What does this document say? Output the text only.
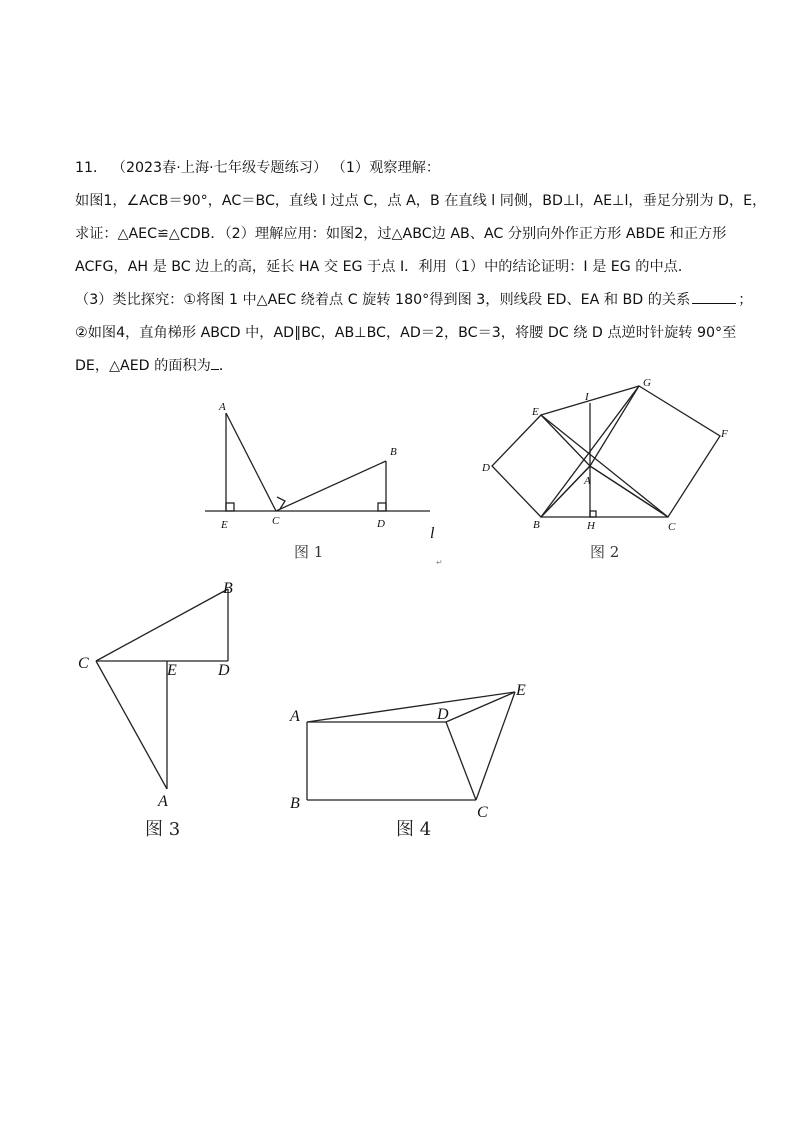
11． （2023春·上海·七年级专题练习） （1）观察理解：
如图1，∠ACB＝90°，AC＝BC，直线 l 过点 C，点 A，B 在直线 l 同侧，BD⊥l，AE⊥l，垂足分别为 D，E，
求证：△AEC≌△CDB．（2）理解应用：如图2，过△ABC边 AB、AC 分别向外作正方形 ABDE 和正方形
ACFG，AH 是 BC 边上的高，延长 HA 交 EG 于点 I．利用（1）中的结论证明：I 是 EG 的中点．
（3）类比探究：①将图 1 中△AEC 绕着点 C 旋转 180°得到图 3，则线段 ED、EA 和 BD 的关系	；
②如图4，直角梯形 ABCD 中，AD∥BC，AB⊥BC，AD＝2，BC＝3，将腰 DC 绕 D 点逆时针旋转 90°至
DE，△AED 的面积为 ．
A
B
C	D
E	l
图 1
↵
A
B	C
D
E
F
G
H
I
图 2
A
B
C	D
E
图 3
A
B
C
D
E
图 4
